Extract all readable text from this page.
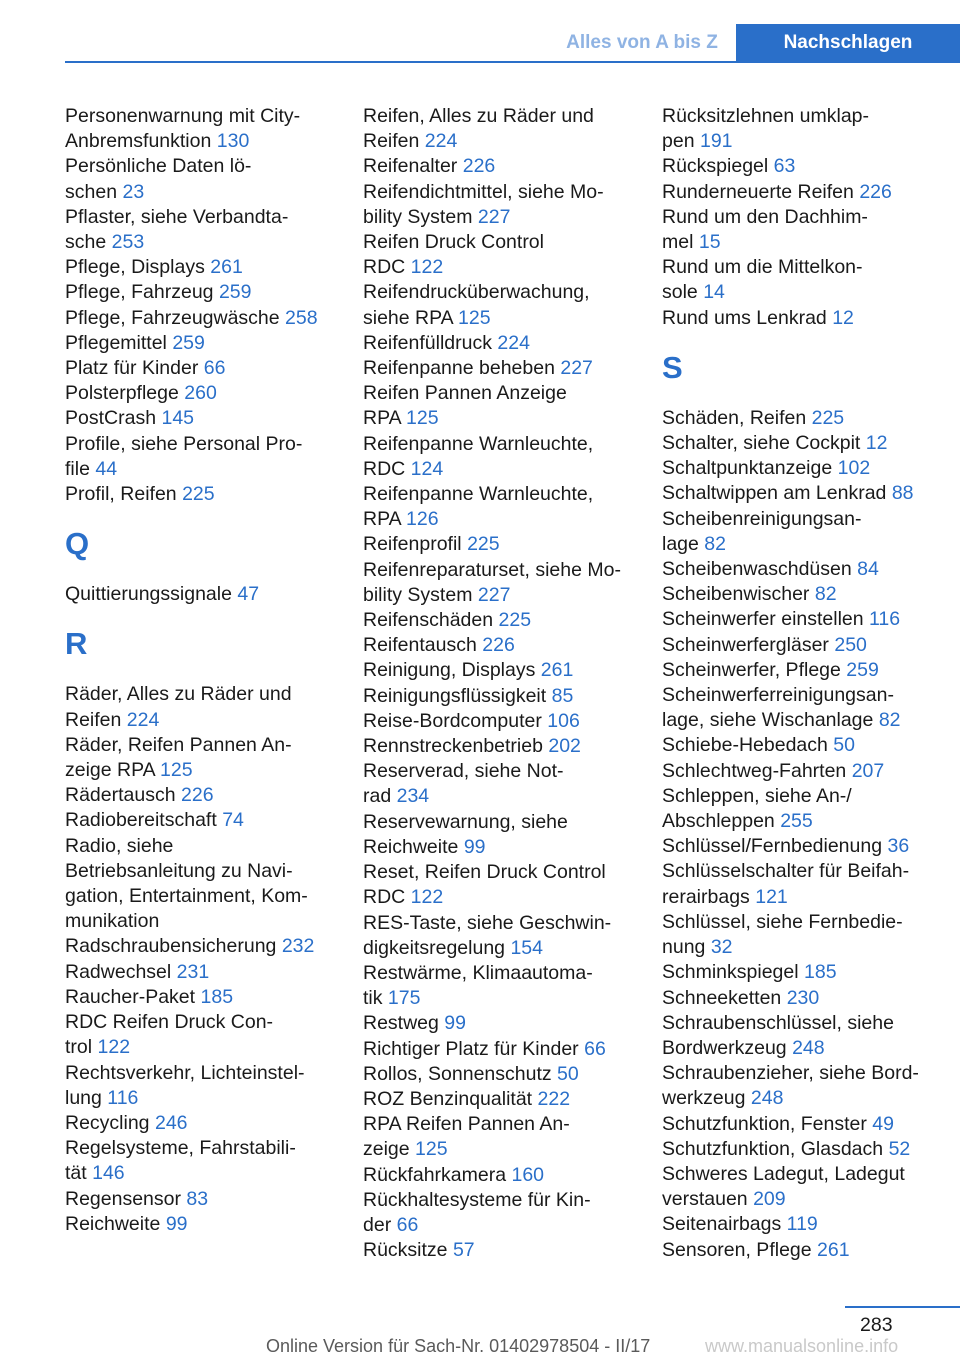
Alles von A bis Z	Nachschlagen
Personenwarnung mit City-
Anbremsfunktion 130
Persönliche Daten lö-
schen 23
Pflaster, siehe Verbandta-
sche 253
Pflege, Displays 261
Pflege, Fahrzeug 259
Pflege, Fahrzeugwäsche 258
Pflegemittel 259
Platz für Kinder 66
Polsterpflege 260
PostCrash 145
Profile, siehe Personal Pro-
file 44
Profil, Reifen 225
Q
Quittierungssignale 47
R
Räder, Alles zu Räder und
Reifen 224
Räder, Reifen Pannen An-
zeige RPA 125
Rädertausch 226
Radiobereitschaft 74
Radio, siehe
Betriebsanleitung zu Navi-
gation, Entertainment, Kom-
munikation
Radschraubensicherung 232
Radwechsel 231
Raucher-Paket 185
RDC Reifen Druck Con-
trol 122
Rechtsverkehr, Lichteinstel-
lung 116
Recycling 246
Regelsysteme, Fahrstabili-
tät 146
Regensensor 83
Reichweite 99
Reifen, Alles zu Räder und
Reifen 224
Reifenalter 226
Reifendichtmittel, siehe Mo-
bility System 227
Reifen Druck Control
RDC 122
Reifendrucküberwachung,
siehe RPA 125
Reifenfülldruck 224
Reifenpanne beheben 227
Reifen Pannen Anzeige
RPA 125
Reifenpanne Warnleuchte,
RDC 124
Reifenpanne Warnleuchte,
RPA 126
Reifenprofil 225
Reifenreparaturset, siehe Mo-
bility System 227
Reifenschäden 225
Reifentausch 226
Reinigung, Displays 261
Reinigungsflüssigkeit 85
Reise-Bordcomputer 106
Rennstreckenbetrieb 202
Reserverad, siehe Not-
rad 234
Reservewarnung, siehe
Reichweite 99
Reset, Reifen Druck Control
RDC 122
RES-Taste, siehe Geschwin-
digkeitsregelung 154
Restwärme, Klimaautoma-
tik 175
Restweg 99
Richtiger Platz für Kinder 66
Rollos, Sonnenschutz 50
ROZ Benzinqualität 222
RPA Reifen Pannen An-
zeige 125
Rückfahrkamera 160
Rückhaltesysteme für Kin-
der 66
Rücksitze 57
Rücksitzlehnen umklap-
pen 191
Rückspiegel 63
Runderneuerte Reifen 226
Rund um den Dachhim-
mel 15
Rund um die Mittelkon-
sole 14
Rund ums Lenkrad 12
S
Schäden, Reifen 225
Schalter, siehe Cockpit 12
Schaltpunktanzeige 102
Schaltwippen am Lenkrad 88
Scheibenreinigungsan-
lage 82
Scheibenwaschdüsen 84
Scheibenwischer 82
Scheinwerfer einstellen 116
Scheinwerfergläser 250
Scheinwerfer, Pflege 259
Scheinwerferreinigungsan-
lage, siehe Wischanlage 82
Schiebe-Hebedach 50
Schlechtweg-Fahrten 207
Schleppen, siehe An-/
Abschleppen 255
Schlüssel/Fernbedienung 36
Schlüsselschalter für Beifah-
rerairbags 121
Schlüssel, siehe Fernbedie-
nung 32
Schminkspiegel 185
Schneeketten 230
Schraubenschlüssel, siehe
Bordwerkzeug 248
Schraubenzieher, siehe Bord-
werkzeug 248
Schutzfunktion, Fenster 49
Schutzfunktion, Glasdach 52
Schweres Ladegut, Ladegut
verstauen 209
Seitenairbags 119
Sensoren, Pflege 261
283
Online Version für Sach-Nr. 01402978504 - II/17	www.manualsonline.info
